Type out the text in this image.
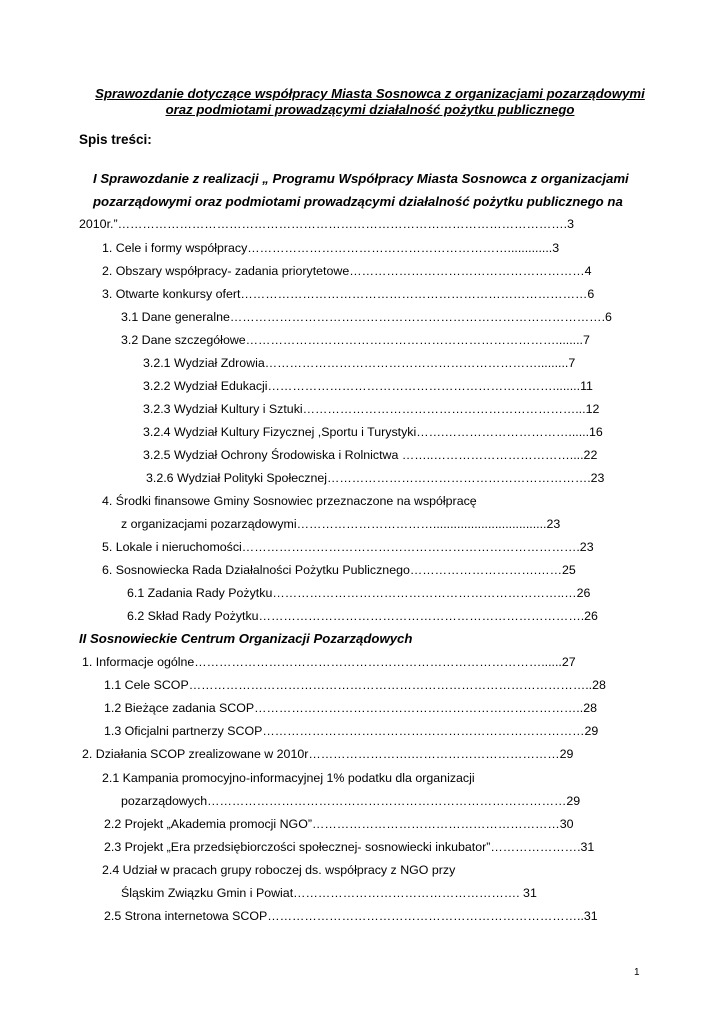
Sprawozdanie dotyczące współpracy Miasta Sosnowca z organizacjami pozarządowymi
oraz podmiotami prowadzącymi działalność pożytku publicznego
Spis treści:
I Sprawozdanie z realizacji „ Programu Współpracy Miasta Sosnowca z organizacjami
pozarządowymi oraz podmiotami prowadzącymi działalność pożytku publicznego na
2010r.”……………………………………………………………………………………………….3
1. Cele i formy współpracy……………………………………………………….............3
2. Obszary współpracy- zadania priorytetowe…………………………………………………4
3. Otwarte konkursy ofert…………………………………………………………………………6
3.1 Dane generalne……………………………………………………………………………….6
3.2 Dane szczegółowe…………………………………………………………………........7
3.2.1 Wydział Zdrowia………………………………………………………….........7
3.2.2 Wydział Edukacji……………………………………………………………........11
3.2.3 Wydział Kultury i Sztuki…………………………………………………………...12
3.2.4 Wydział Kultury Fizycznej ,Sportu i Turystyki…….…………………………......16
3.2.5 Wydział Ochrony Środowiska i Rolnictwa ……..……………………………....22
3.2.6 Wydział Polityki Społecznej……………………………………………………….23
4. Środki finansowe Gminy Sosnowiec przeznaczone na współpracę
z organizacjami pozarządowymi…………………………….................................23
5. Lokale i nieruchomości……………………………………………………………………….23
6. Sosnowiecka Rada Działalności Pożytku Publicznego………………………….……25
6.1 Zadania Rady Pożytku……………………………………………………………..…26
6.2 Skład Rady Pożytku…………………………………………………………………….26
II Sosnowieckie Centrum Organizacji Pozarządowych
1. Informacje ogólne…………………………………………………………………………......27
1.1 Cele SCOP……………………………………………………………………………………..28
1.2 Bieżące zadania SCOP……………………………………………………………………..28
1.3 Oficjalni partnerzy SCOP……………………………………………………………………29
2. Działania SCOP zrealizowane w 2010r…………………….………………………………29
2.1 Kampania promocyjno-informacyjnej 1% podatku dla organizacji
pozarządowych……………………………………………………………………………29
2.2 Projekt „Akademia promocji NGO”……………………………………………………30
2.3 Projekt „Era przedsiębiorczości społecznej- sosnowiecki inkubator”………………….31
2.4 Udział w pracach grupy roboczej ds. współpracy z NGO przy
Śląskim Związku Gmin i Powiat………………………………………………. 31
2.5 Strona internetowa SCOP…………………………………………………………………..31
1
